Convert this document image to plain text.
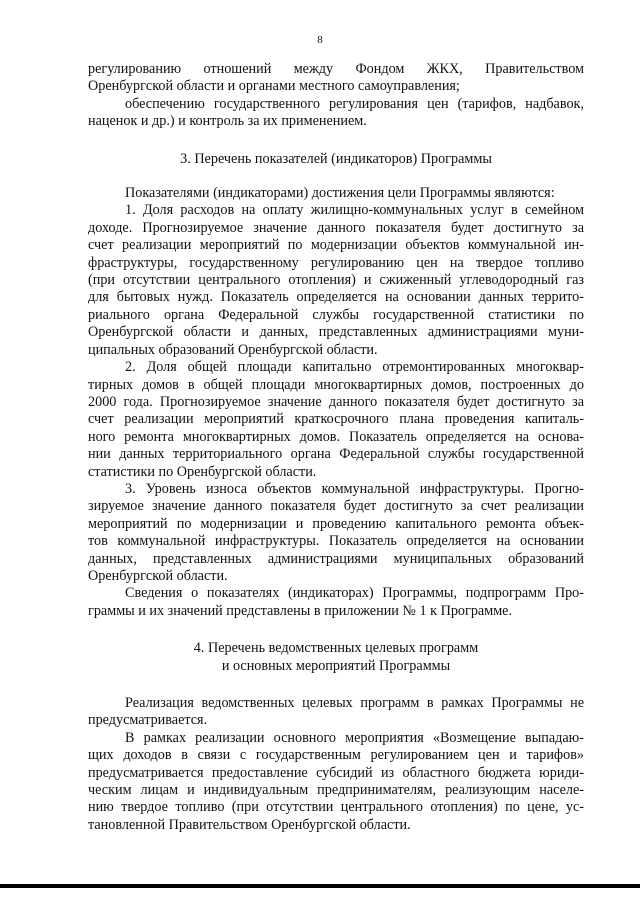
8
регулированию отношений между Фондом ЖКХ, Правительством
Оренбургской области и органами местного самоуправления;
обеспечению государственного регулирования цен (тарифов, надбавок,
наценок и др.) и контроль за их применением.
3. Перечень показателей (индикаторов) Программы
Показателями (индикаторами) достижения цели Программы являются:
1. Доля расходов на оплату жилищно-коммунальных услуг в семейном
доходе. Прогнозируемое значение данного показателя будет достигнуто за
счет реализации мероприятий по модернизации объектов коммунальной ин-
фраструктуры, государственному регулированию цен на твердое топливо
(при отсутствии центрального отопления) и сжиженный углеводородный газ
для бытовых нужд. Показатель определяется на основании данных террито-
риального органа Федеральной службы государственной статистики по
Оренбургской области и данных, представленных администрациями муни-
ципальных образований Оренбургской области.
2. Доля общей площади капитально отремонтированных многоквар-
тирных домов в общей площади многоквартирных домов, построенных до
2000 года. Прогнозируемое значение данного показателя будет достигнуто за
счет реализации мероприятий краткосрочного плана проведения капиталь-
ного ремонта многоквартирных домов. Показатель определяется на основа-
нии данных территориального органа Федеральной службы государственной
статистики по Оренбургской области.
3. Уровень износа объектов коммунальной инфраструктуры. Прогно-
зируемое значение данного показателя будет достигнуто за счет реализации
мероприятий по модернизации и проведению капитального ремонта объек-
тов коммунальной инфраструктуры. Показатель определяется на основании
данных, представленных администрациями муниципальных образований
Оренбургской области.
Сведения о показателях (индикаторах) Программы, подпрограмм Про-
граммы и их значений представлены в приложении № 1 к Программе.
4. Перечень ведомственных целевых программ
и основных мероприятий Программы
Реализация ведомственных целевых программ в рамках Программы не
предусматривается.
В рамках реализации основного мероприятия «Возмещение выпадаю-
щих доходов в связи с государственным регулированием цен и тарифов»
предусматривается предоставление субсидий из областного бюджета юриди-
ческим лицам и индивидуальным предпринимателям, реализующим населе-
нию твердое топливо (при отсутствии центрального отопления) по цене, ус-
тановленной Правительством Оренбургской области.
